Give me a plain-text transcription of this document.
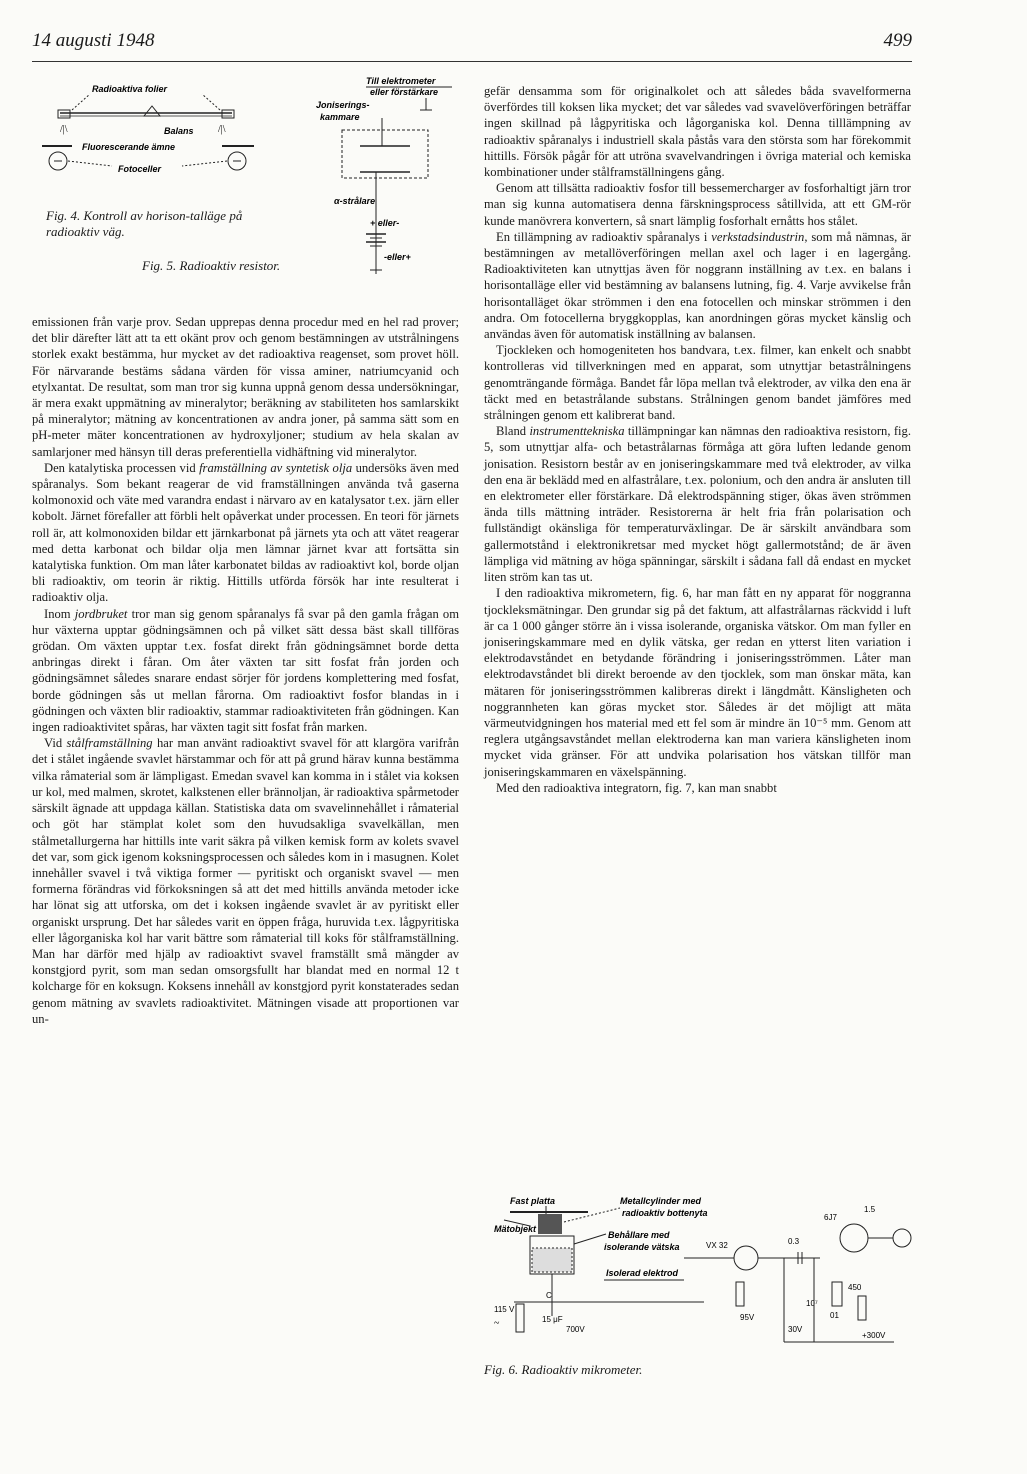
14 augusti 1948	499
Radioaktiva folier
/|\	/|\
Balans
Fluorescerande ämne
Fotoceller
Fig. 4. Kontroll av horison-talläge på radioaktiv väg.
Till elektrometer
eller förstärkare
Joniserings-
kammare
α-strålare
+ eller-
-eller+
Fig. 5. Radioaktiv resistor.

emissionen från varje prov. Sedan upprepas denna procedur med en hel rad prover; det blir därefter lätt att ta ett okänt prov och genom bestämningen av utstrålningens storlek exakt bestämma, hur mycket av det radioaktiva reagenset, som provet höll. För närvarande bestäms sådana värden för vissa aminer, natriumcyanid och etylxantat. De resultat, som man tror sig kunna uppnå genom dessa undersökningar, är mera exakt uppmätning av mineralytor; beräkning av stabiliteten hos samlarskikt på mineralytor; mätning av koncentrationen av andra joner, på samma sätt som en pH-meter mäter koncentrationen av hydroxyljoner; studium av hela skalan av samlarjoner med hänsyn till deras preferentiella vidhäftning vid mineralytor.

Den katalytiska processen vid framställning av syntetisk olja undersöks även med spåranalys. Som bekant reagerar de vid framställningen använda två gaserna kolmonoxid och väte med varandra endast i närvaro av en katalysator t.ex. järn eller kobolt. Järnet förefaller att förbli helt opåverkat under processen. En teori för järnets roll är, att kolmonoxiden bildar ett järnkarbonat på järnets yta och att vätet reagerar med detta karbonat och bildar olja men lämnar järnet kvar att fortsätta sin katalytiska funktion. Om man låter karbonatet bildas av radioaktivt kol, borde oljan bli radioaktiv, om teorin är riktig. Hittills utförda försök har inte resulterat i radioaktiv olja.

Inom jordbruket tror man sig genom spåranalys få svar på den gamla frågan om hur växterna upptar gödningsämnen och på vilket sätt dessa bäst skall tillföras grödan. Om växten upptar t.ex. fosfat direkt från gödningsämnet borde detta anbringas direkt i fåran. Om åter växten tar sitt fosfat från jorden och gödningsämnet således snarare endast sörjer för jordens komplettering med fosfat, borde gödningen sås ut mellan fårorna. Om radioaktivt fosfor blandas in i gödningen och växten blir radioaktiv, stammar radioaktiviteten från gödningen. Kan ingen radioaktivitet spåras, har växten tagit sitt fosfat från marken.

Vid stålframställning har man använt radioaktivt svavel för att klargöra varifrån det i stålet ingående svavlet härstammar och för att på grund härav kunna bestämma vilka råmaterial som är lämpligast. Emedan svavel kan komma in i stålet via koksen ur kol, med malmen, skrotet, kalkstenen eller brännoljan, är radioaktiva spårmetoder särskilt ägnade att uppdaga källan. Statistiska data om svavelinnehållet i råmaterial och göt har stämplat kolet som den huvudsakliga svavelkällan, men stålmetallurgerna har hittills inte varit säkra på vilken kemisk form av kolets svavel det var, som gick igenom koksningsprocessen och således kom in i masugnen. Kolet innehåller svavel i två viktiga former — pyritiskt och organiskt svavel — men formerna förändras vid förkoksningen så att det med hittills använda metoder icke har lönat sig att utforska, om det i koksen ingående svavlet är av pyritiskt eller organiskt ursprung. Det har således varit en öppen fråga, huruvida t.ex. lågpyritiska eller lågorganiska kol har varit bättre som råmaterial till koks för stålframställning. Man har därför med hjälp av radioaktivt svavel framställt små mängder av konstgjord pyrit, som man sedan omsorgsfullt har blandat med en normal 12 t kolcharge för en koksugn. Koksens innehåll av konstgjord pyrit konstaterades sedan genom mätning av svavlets radioaktivitet. Mätningen visade att proportionen var un-

gefär densamma som för originalkolet och att således båda svavelformerna överfördes till koksen lika mycket; det var således vad svavelöverföringen beträffar ingen skillnad på lågpyritiska och lågorganiska kol. Denna tilllämpning av radioaktiv spåranalys i industriell skala påstås vara den största som har förekommit hittills. Försök pågår för att utröna svavelvandringen i övriga material och kemiska kombinationer under stålframställningens gång.

Genom att tillsätta radioaktiv fosfor till bessemercharger av fosforhaltigt järn tror man sig kunna automatisera denna färskningsprocess såtillvida, att ett GM-rör kunde manövrera konvertern, så snart lämplig fosforhalt ernåtts hos stålet.

En tillämpning av radioaktiv spåranalys i verkstadsindustrin, som må nämnas, är bestämningen av metallöverföringen mellan axel och lager i en lagergång. Radioaktiviteten kan utnyttjas även för noggrann inställning av t.ex. en balans i horisontalläge eller vid bestämning av balansens lutning, fig. 4. Varje avvikelse från horisontalläget ökar strömmen i den ena fotocellen och minskar strömmen i den andra. Om fotocellerna bryggkopplas, kan anordningen göras mycket känslig och användas även för automatisk inställning av balansen.

Tjockleken och homogeniteten hos bandvara, t.ex. filmer, kan enkelt och snabbt kontrolleras vid tillverkningen med en apparat, som utnyttjar betastrålningens genomträngande förmåga. Bandet får löpa mellan två elektroder, av vilka den ena är täckt med en betastrålande substans. Strålningen genom bandet jämföres med strålningen genom ett kalibrerat band.

Bland instrumenttekniska tillämpningar kan nämnas den radioaktiva resistorn, fig. 5, som utnyttjar alfa- och betastrålarnas förmåga att göra luften ledande genom jonisation. Resistorn består av en joniseringskammare med två elektroder, av vilka den ena är beklädd med en alfastrålare, t.ex. polonium, och den andra är ansluten till en elektrometer eller förstärkare. Då elektrodspänning stiger, ökas även strömmen ända tills mättning inträder. Resistorerna är helt fria från polarisation och fullständigt okänsliga för temperaturväxlingar. De är särskilt användbara som gallermotstånd i elektronikretsar med mycket högt gallermotstånd; de är även lämpliga vid mätning av höga spänningar, särskilt i sådana fall då endast en mycket liten ström kan tas ut.

I den radioaktiva mikrometern, fig. 6, har man fått en ny apparat för noggranna tjockleksmätningar. Den grundar sig på det faktum, att alfastrålarnas räckvidd i luft är ca 1 000 gånger större än i vissa isolerande, organiska vätskor. Om man fyller en joniseringskammare med en dylik vätska, ger redan en ytterst liten variation i elektrodavståndet en betydande förändring i joniseringsströmmen. Låter man elektrodavståndet bli direkt beroende av den tjocklek, som man önskar mäta, kan mätaren för joniseringsströmmen kalibreras direkt i längdmått. Känsligheten och noggrannheten kan göras mycket stor. Således är det möjligt att mäta värmeutvidgningen hos material med ett fel som är mindre än 10⁻⁵ mm. Genom att reglera utgångsavståndet mellan elektroderna kan man variera känsligheten inom mycket vida gränser. För att undvika polarisation hos vätskan tillför man joniseringskammaren en växelspänning.

Med den radioaktiva integratorn, fig. 7, kan man snabbt

Fast platta
Mätobjekt
Metallcylinder med
radioaktiv bottenyta
Behållare med
isolerande vätska
Isolerad elektrod
C
115 V
~	15 μF
700V
VX 32
95V
0.3
30V
10⁷
6J7
01
450
1.5
+300V
Fig. 6. Radioaktiv mikrometer.
